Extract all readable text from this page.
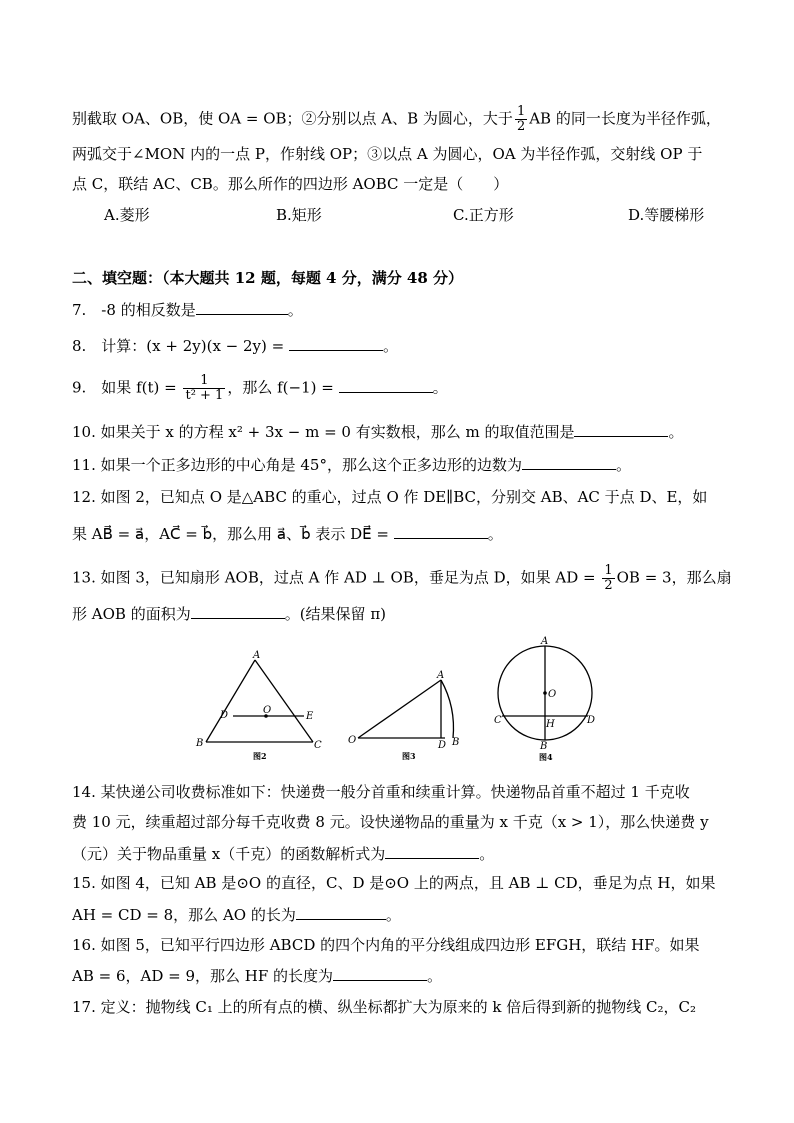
别截取 OA、OB，使 OA = OB；②分别以点 A、B 为圆心，大于 $\frac{1}{2}$ AB 的同一长度为半径作弧，
两弧交于∠MON 内的一点 P，作射线 OP；③以点 A 为圆心，OA 为半径作弧，交射线 OP 于
点 C，联结 AC、CB。那么所作的四边形 AOBC 一定是（　　）
A.菱形	B.矩形	C.正方形	D.等腰梯形
二、填空题：（本大题共 12 题，每题 4 分，满分 48 分）
7.　-8 的相反数是	。
8.　计算：(x + 2y)(x − 2y) =	。
9.　如果 $f(t) = \frac{1}{\text{t² + 1}}$ ，那么 f(−1) =	。
10. 如果关于 x 的方程 x² + 3x − m = 0 有实数根，那么 m 的取值范围是	。
11. 如果一个正多边形的中心角是 45°，那么这个正多边形的边数为	。
12. 如图 2，已知点 O 是△ABC 的重心，过点 O 作 DE∥BC，分别交 AB、AC 于点 D、E，如
果 AB⃗ = a⃗，AC⃗ = b⃗，那么用 a⃗、b⃗ 表示 DE⃗ =	。
13. 如图 3，已知扇形 AOB，过点 A 作 AD ⊥ OB，垂足为点 D，如果 AD = $\frac{1}{2}$ OB = 3，那么扇
形 AOB 的面积为	。(结果保留 π)
A
D	O
E
B	C
图2
A
O	D B
图3
A
O
C	H	D
B
图4
14. 某快递公司收费标准如下：快递费一般分首重和续重计算。快递物品首重不超过 1 千克收
费 10 元，续重超过部分每千克收费 8 元。设快递物品的重量为 x 千克（x > 1），那么快递费 y
（元）关于物品重量 x（千克）的函数解析式为	。
15. 如图 4，已知 AB 是⊙O 的直径，C、D 是⊙O 上的两点，且 AB ⊥ CD，垂足为点 H，如果
AH = CD = 8，那么 AO 的长为	。
16. 如图 5，已知平行四边形 ABCD 的四个内角的平分线组成四边形 EFGH，联结 HF。如果
AB = 6，AD = 9，那么 HF 的长度为	。
17. 定义：抛物线 C₁ 上的所有点的横、纵坐标都扩大为原来的 k 倍后得到新的抛物线 C₂，C₂
